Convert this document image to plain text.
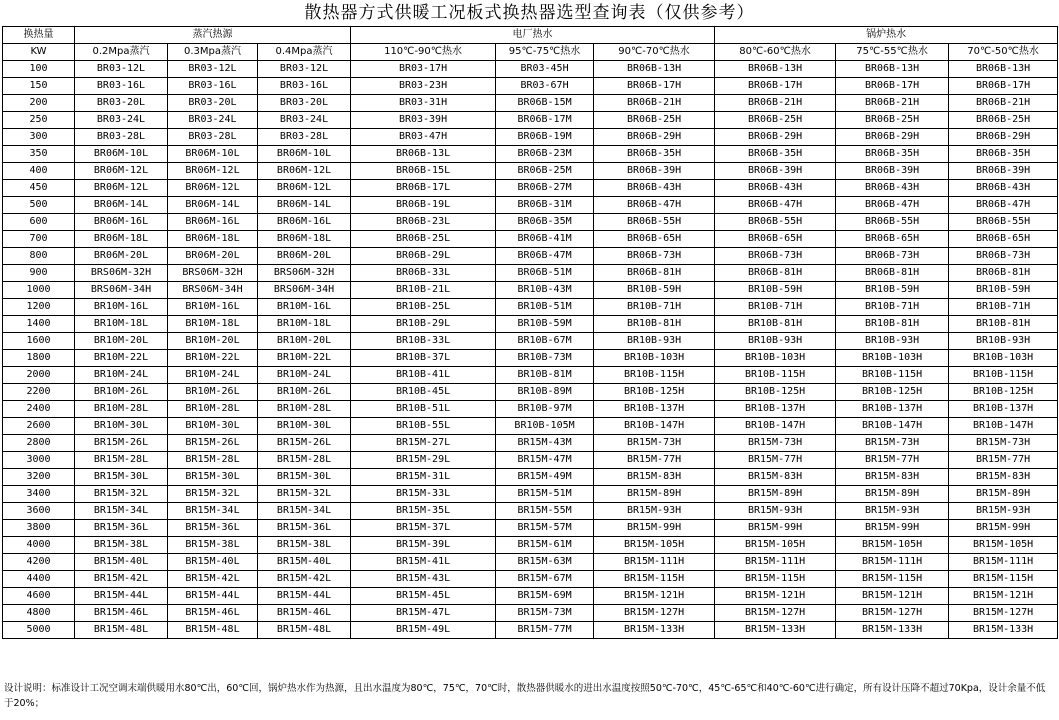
散热器方式供暖工况板式换热器选型查询表（仅供参考）
换热量	蒸汽热源			电厂热水			锅炉热水		
KW	0.2Mpa蒸汽	0.3Mpa蒸汽	0.4Mpa蒸汽	110℃-90℃热水	95℃-75℃热水	90℃-70℃热水	80℃-60℃热水	75℃-55℃热水	70℃-50℃热水
100	BR03-12L	BR03-12L	BR03-12L	BR03-17H	BR03-45H	BR06B-13H	BR06B-13H	BR06B-13H	BR06B-13H
150	BR03-16L	BR03-16L	BR03-16L	BR03-23H	BR03-67H	BR06B-17H	BR06B-17H	BR06B-17H	BR06B-17H
200	BR03-20L	BR03-20L	BR03-20L	BR03-31H	BR06B-15M	BR06B-21H	BR06B-21H	BR06B-21H	BR06B-21H
250	BR03-24L	BR03-24L	BR03-24L	BR03-39H	BR06B-17M	BR06B-25H	BR06B-25H	BR06B-25H	BR06B-25H
300	BR03-28L	BR03-28L	BR03-28L	BR03-47H	BR06B-19M	BR06B-29H	BR06B-29H	BR06B-29H	BR06B-29H
350	BR06M-10L	BR06M-10L	BR06M-10L	BR06B-13L	BR06B-23M	BR06B-35H	BR06B-35H	BR06B-35H	BR06B-35H
400	BR06M-12L	BR06M-12L	BR06M-12L	BR06B-15L	BR06B-25M	BR06B-39H	BR06B-39H	BR06B-39H	BR06B-39H
450	BR06M-12L	BR06M-12L	BR06M-12L	BR06B-17L	BR06B-27M	BR06B-43H	BR06B-43H	BR06B-43H	BR06B-43H
500	BR06M-14L	BR06M-14L	BR06M-14L	BR06B-19L	BR06B-31M	BR06B-47H	BR06B-47H	BR06B-47H	BR06B-47H
600	BR06M-16L	BR06M-16L	BR06M-16L	BR06B-23L	BR06B-35M	BR06B-55H	BR06B-55H	BR06B-55H	BR06B-55H
700	BR06M-18L	BR06M-18L	BR06M-18L	BR06B-25L	BR06B-41M	BR06B-65H	BR06B-65H	BR06B-65H	BR06B-65H
800	BR06M-20L	BR06M-20L	BR06M-20L	BR06B-29L	BR06B-47M	BR06B-73H	BR06B-73H	BR06B-73H	BR06B-73H
900	BRS06M-32H	BRS06M-32H	BRS06M-32H	BR06B-33L	BR06B-51M	BR06B-81H	BR06B-81H	BR06B-81H	BR06B-81H
1000	BRS06M-34H	BRS06M-34H	BRS06M-34H	BR10B-21L	BR10B-43M	BR10B-59H	BR10B-59H	BR10B-59H	BR10B-59H
1200	BR10M-16L	BR10M-16L	BR10M-16L	BR10B-25L	BR10B-51M	BR10B-71H	BR10B-71H	BR10B-71H	BR10B-71H
1400	BR10M-18L	BR10M-18L	BR10M-18L	BR10B-29L	BR10B-59M	BR10B-81H	BR10B-81H	BR10B-81H	BR10B-81H
1600	BR10M-20L	BR10M-20L	BR10M-20L	BR10B-33L	BR10B-67M	BR10B-93H	BR10B-93H	BR10B-93H	BR10B-93H
1800	BR10M-22L	BR10M-22L	BR10M-22L	BR10B-37L	BR10B-73M	BR10B-103H	BR10B-103H	BR10B-103H	BR10B-103H
2000	BR10M-24L	BR10M-24L	BR10M-24L	BR10B-41L	BR10B-81M	BR10B-115H	BR10B-115H	BR10B-115H	BR10B-115H
2200	BR10M-26L	BR10M-26L	BR10M-26L	BR10B-45L	BR10B-89M	BR10B-125H	BR10B-125H	BR10B-125H	BR10B-125H
2400	BR10M-28L	BR10M-28L	BR10M-28L	BR10B-51L	BR10B-97M	BR10B-137H	BR10B-137H	BR10B-137H	BR10B-137H
2600	BR10M-30L	BR10M-30L	BR10M-30L	BR10B-55L	BR10B-105M	BR10B-147H	BR10B-147H	BR10B-147H	BR10B-147H
2800	BR15M-26L	BR15M-26L	BR15M-26L	BR15M-27L	BR15M-43M	BR15M-73H	BR15M-73H	BR15M-73H	BR15M-73H
3000	BR15M-28L	BR15M-28L	BR15M-28L	BR15M-29L	BR15M-47M	BR15M-77H	BR15M-77H	BR15M-77H	BR15M-77H
3200	BR15M-30L	BR15M-30L	BR15M-30L	BR15M-31L	BR15M-49M	BR15M-83H	BR15M-83H	BR15M-83H	BR15M-83H
3400	BR15M-32L	BR15M-32L	BR15M-32L	BR15M-33L	BR15M-51M	BR15M-89H	BR15M-89H	BR15M-89H	BR15M-89H
3600	BR15M-34L	BR15M-34L	BR15M-34L	BR15M-35L	BR15M-55M	BR15M-93H	BR15M-93H	BR15M-93H	BR15M-93H
3800	BR15M-36L	BR15M-36L	BR15M-36L	BR15M-37L	BR15M-57M	BR15M-99H	BR15M-99H	BR15M-99H	BR15M-99H
4000	BR15M-38L	BR15M-38L	BR15M-38L	BR15M-39L	BR15M-61M	BR15M-105H	BR15M-105H	BR15M-105H	BR15M-105H
4200	BR15M-40L	BR15M-40L	BR15M-40L	BR15M-41L	BR15M-63M	BR15M-111H	BR15M-111H	BR15M-111H	BR15M-111H
4400	BR15M-42L	BR15M-42L	BR15M-42L	BR15M-43L	BR15M-67M	BR15M-115H	BR15M-115H	BR15M-115H	BR15M-115H
4600	BR15M-44L	BR15M-44L	BR15M-44L	BR15M-45L	BR15M-69M	BR15M-121H	BR15M-121H	BR15M-121H	BR15M-121H
4800	BR15M-46L	BR15M-46L	BR15M-46L	BR15M-47L	BR15M-73M	BR15M-127H	BR15M-127H	BR15M-127H	BR15M-127H
5000	BR15M-48L	BR15M-48L	BR15M-48L	BR15M-49L	BR15M-77M	BR15M-133H	BR15M-133H	BR15M-133H	BR15M-133H
设计说明：标准设计工况空调末端供暖用水80℃出，60℃回，锅炉热水作为热源，且出水温度为80℃，75℃，70℃时，散热器供暖水的进出水温度按照50℃-70℃，45℃-65℃和40℃-60℃进行确定，所有设计压降不超过70Kpa，设计余量不低于20%；
